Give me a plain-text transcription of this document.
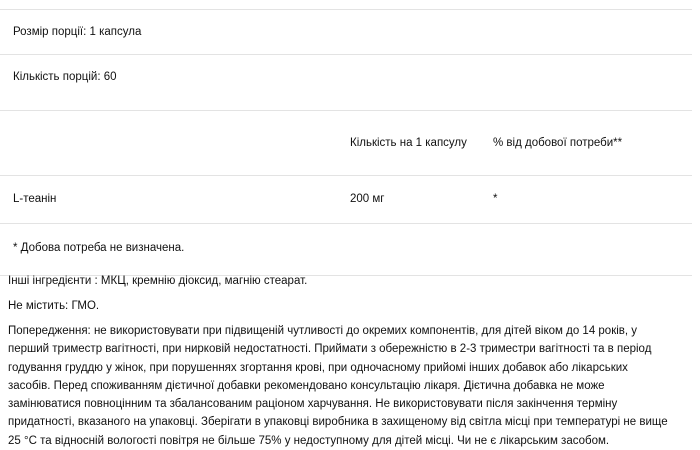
Розмір порції: 1 капсула
Кількість порцій: 60
Кількість на 1 капсулу % від добової потреби**
L-теанін	200 мг	*
* Добова потреба не визначена.
Інші інгредієнти : МКЦ, кремнію діоксид, магнію стеарат.
Не містить: ГМО.
Попередження: не використовувати при підвищеній чутливості до окремих компонентів, для дітей віком до 14 років, у
перший триместр вагітності, при нирковій недостатності. Приймати з обережністю в 2-3 триместри вагітності та в період
годування груддю у жінок, при порушеннях згортання крові, при одночасному прийомі інших добавок або лікарських
засобів. Перед споживанням дієтичної добавки рекомендовано консультацію лікаря. Дієтична добавка не може
замінюватися повноцінним та збалансованим раціоном харчування. Не використовувати після закінчення терміну
придатності, вказаного на упаковці. Зберігати в упаковці виробника в захищеному від світла місці при температурі не вище
25 °С та відносній вологості повітря не більше 75% у недоступному для дітей місці. Чи не є лікарським засобом.
